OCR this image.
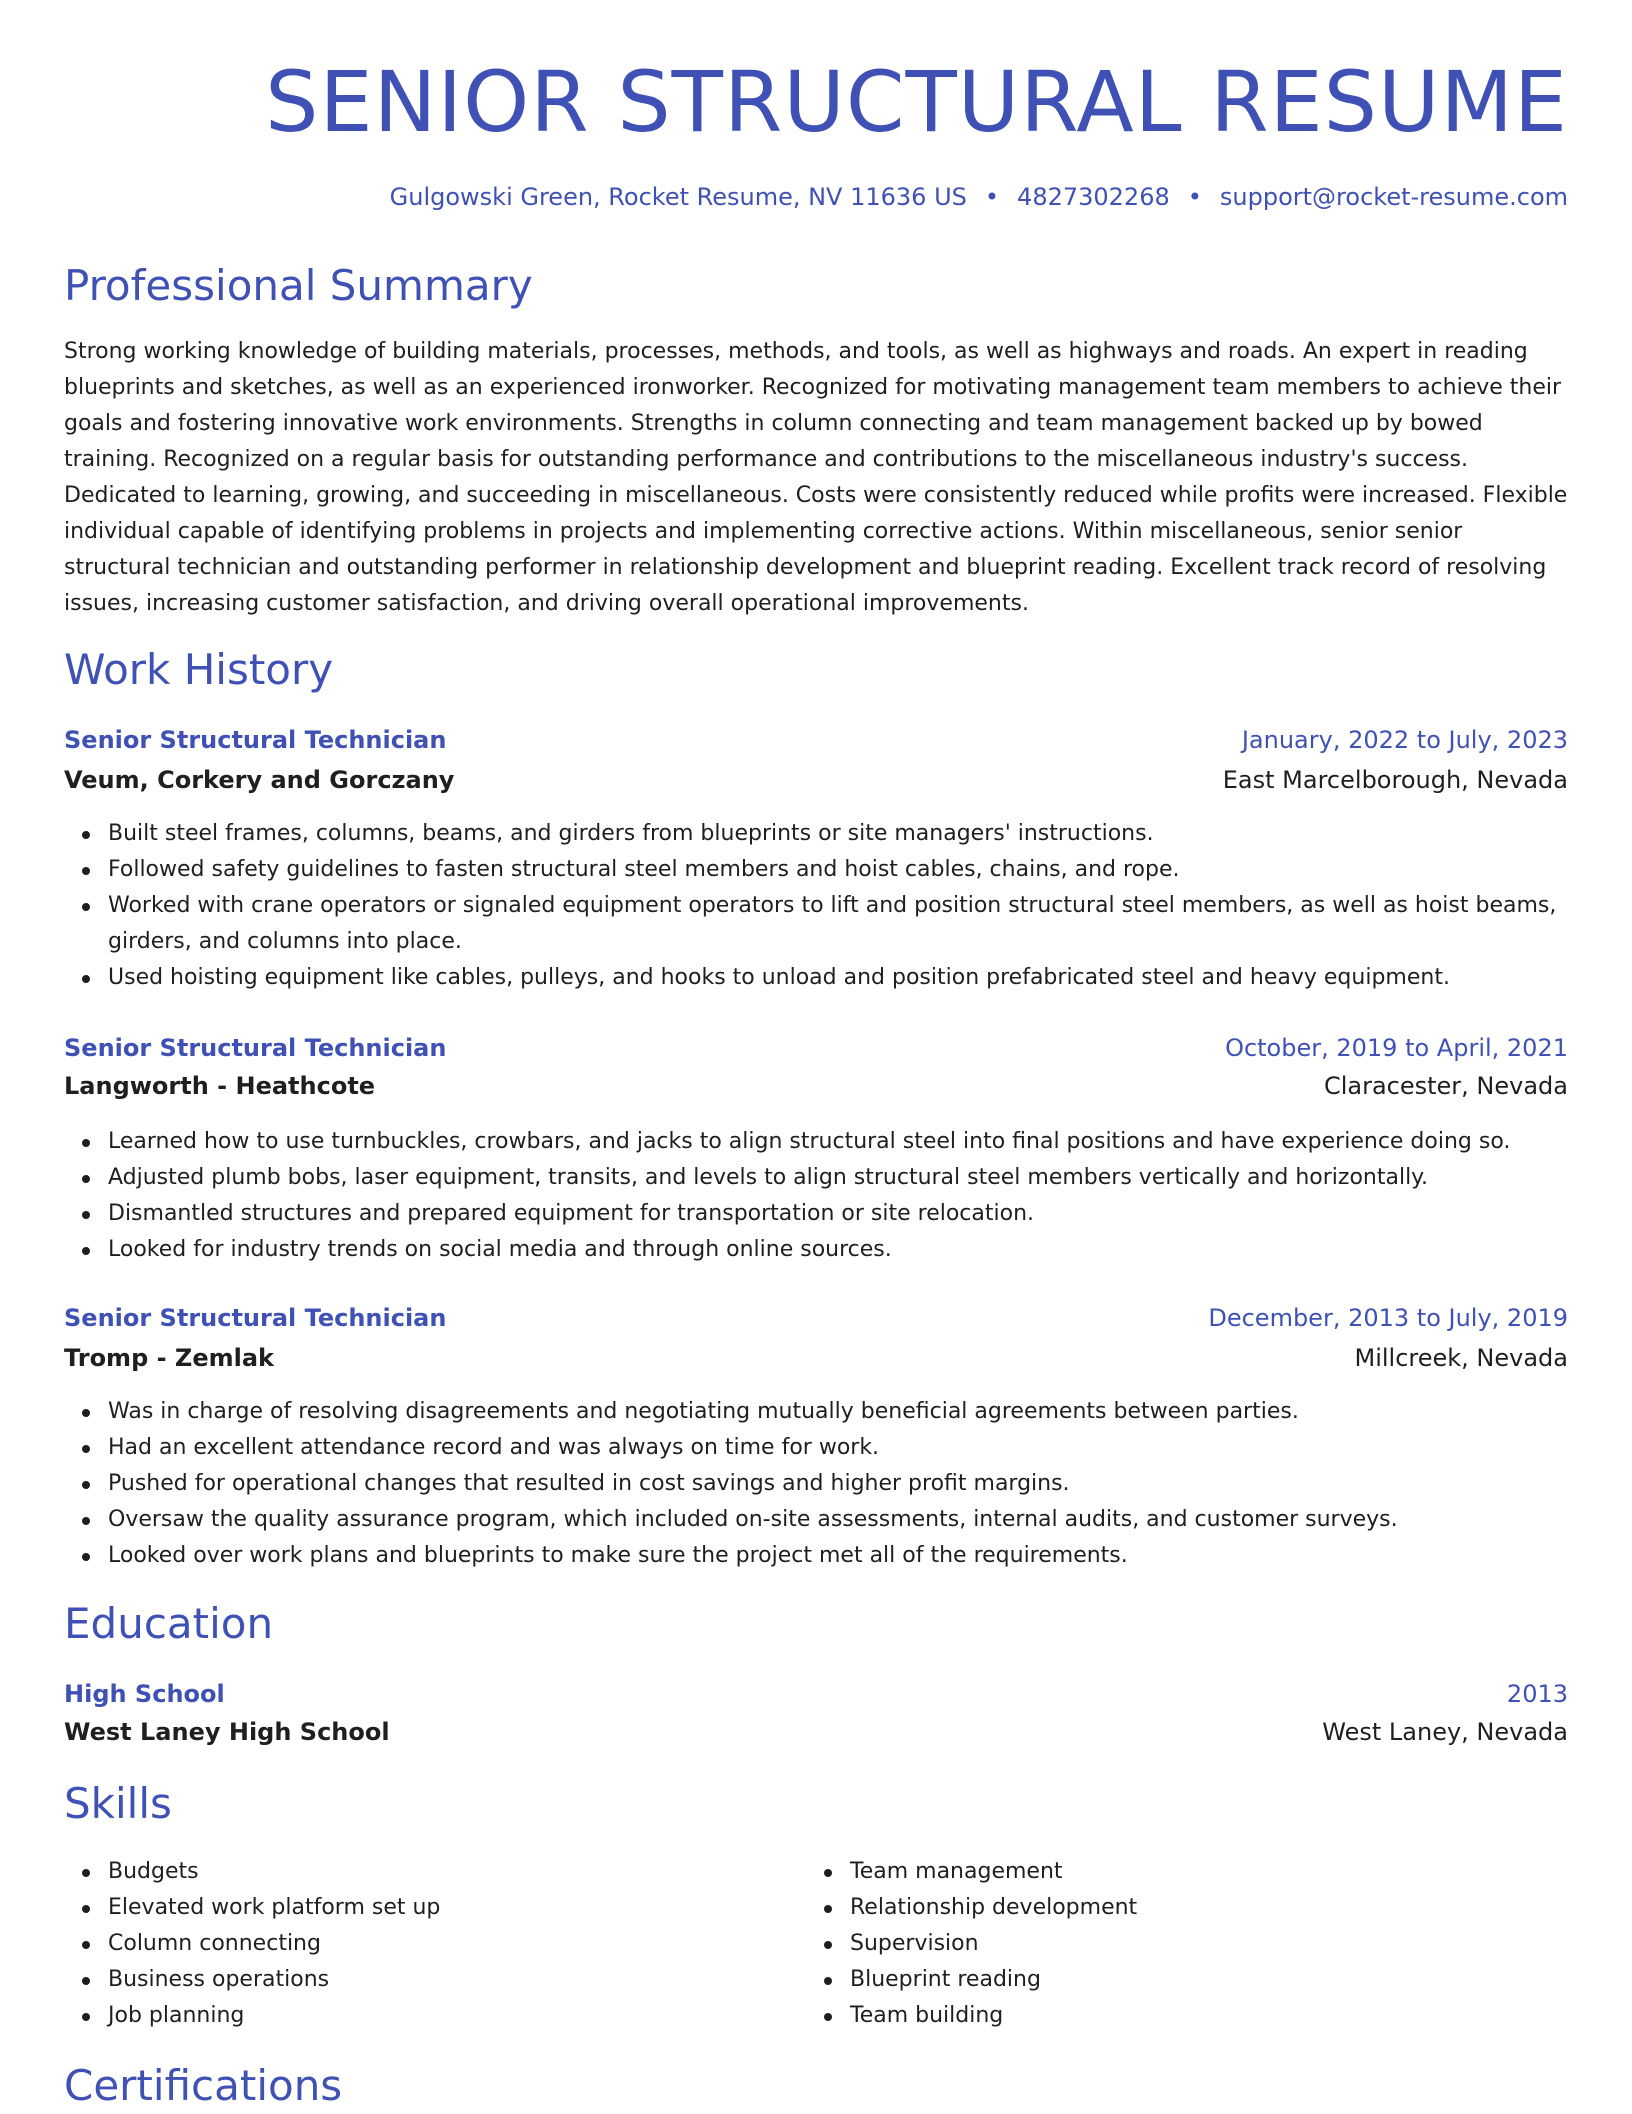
SENIOR STRUCTURAL RESUME
Gulgowski Green, Rocket Resume, NV 11636 US • 4827302268 • support@rocket-resume.com
Professional Summary

Strong working knowledge of building materials, processes, methods, and tools, as well as highways and roads. An expert in reading blueprints and sketches, as well as an experienced ironworker. Recognized for motivating management team members to achieve their goals and fostering innovative work environments. Strengths in column connecting and team management backed up by bowed training. Recognized on a regular basis for outstanding performance and contributions to the miscellaneous industry's success. Dedicated to learning, growing, and succeeding in miscellaneous. Costs were consistently reduced while profits were increased. Flexible individual capable of identifying problems in projects and implementing corrective actions. Within miscellaneous, senior senior structural technician and outstanding performer in relationship development and blueprint reading. Excellent track record of resolving issues, increasing customer satisfaction, and driving overall operational improvements.

Work History
Senior Structural Technician	January, 2022 to July, 2023
Veum, Corkery and Gorczany	East Marcelborough, Nevada
Built steel frames, columns, beams, and girders from blueprints or site managers' instructions.
Followed safety guidelines to fasten structural steel members and hoist cables, chains, and rope.
Worked with crane operators or signaled equipment operators to lift and position structural steel members, as well as hoist beams, girders, and columns into place.
Used hoisting equipment like cables, pulleys, and hooks to unload and position prefabricated steel and heavy equipment.
Senior Structural Technician	October, 2019 to April, 2021
Langworth - Heathcote	Claracester, Nevada
Learned how to use turnbuckles, crowbars, and jacks to align structural steel into final positions and have experience doing so.
Adjusted plumb bobs, laser equipment, transits, and levels to align structural steel members vertically and horizontally.
Dismantled structures and prepared equipment for transportation or site relocation.
Looked for industry trends on social media and through online sources.
Senior Structural Technician	December, 2013 to July, 2019
Tromp - Zemlak	Millcreek, Nevada
Was in charge of resolving disagreements and negotiating mutually beneficial agreements between parties.
Had an excellent attendance record and was always on time for work.
Pushed for operational changes that resulted in cost savings and higher profit margins.
Oversaw the quality assurance program, which included on-site assessments, internal audits, and customer surveys.
Looked over work plans and blueprints to make sure the project met all of the requirements.
Education
High School	2013
West Laney High School	West Laney, Nevada
Skills
Budgets
Elevated work platform set up
Column connecting
Business operations
Job planning
Team management
Relationship development
Supervision
Blueprint reading
Team building
Certifications
